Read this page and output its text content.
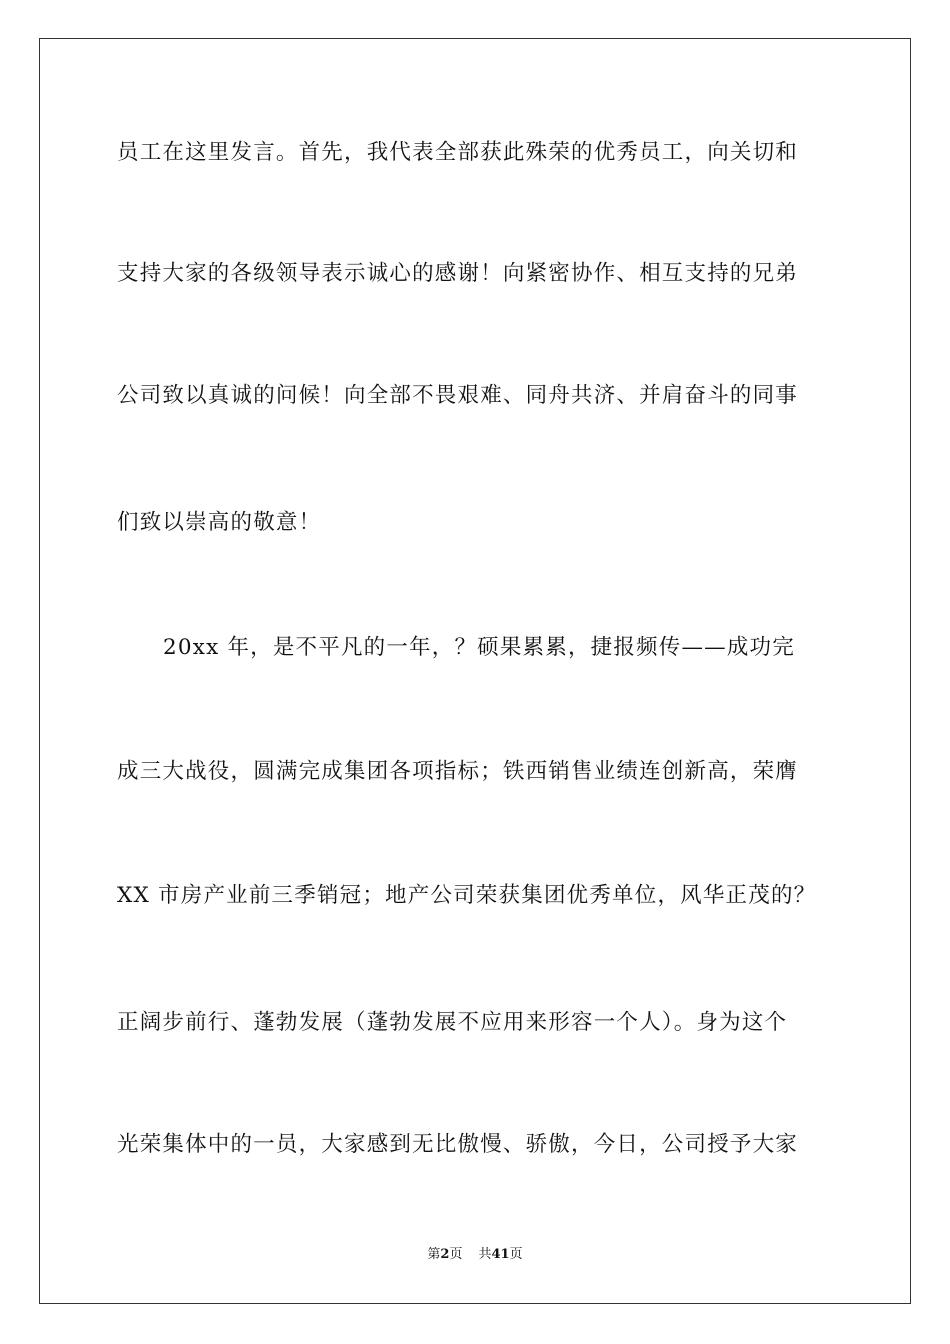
员工在这里发言。首先，我代表全部获此殊荣的优秀员工，向关切和
支持大家的各级领导表示诚心的感谢！向紧密协作、相互支持的兄弟
公司致以真诚的问候！向全部不畏艰难、同舟共济、并肩奋斗的同事
们致以崇高的敬意！
20xx 年，是不平凡的一年，？硕果累累，捷报频传——成功完
成三大战役，圆满完成集团各项指标；铁西销售业绩连创新高，荣膺
XX 市房产业前三季销冠；地产公司荣获集团优秀单位，风华正茂的？
正阔步前行、蓬勃发展（蓬勃发展不应用来形容一个人）。身为这个
光荣集体中的一员，大家感到无比傲慢、骄傲，今日，公司授予大家
第2页 共41页
